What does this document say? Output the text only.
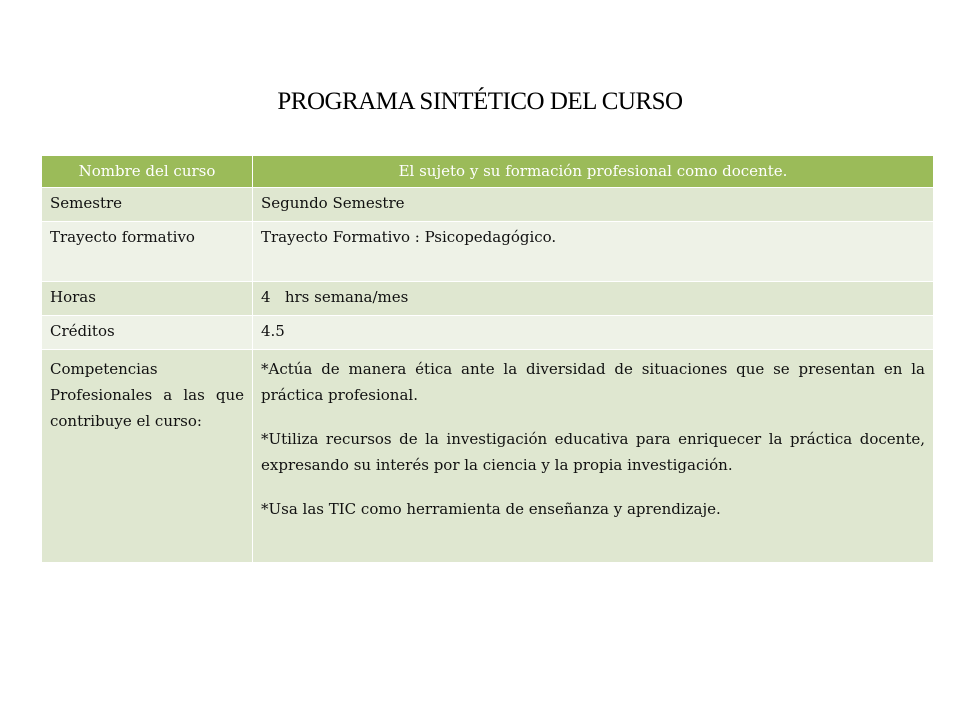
PROGRAMA SINTÉTICO DEL CURSO
Nombre del curso	El sujeto y su formación profesional como docente.
Semestre	Segundo Semestre
Trayecto formativo	Trayecto Formativo : Psicopedagógico.
Horas	4   hrs semana/mes
Créditos	4.5
Competencias Profesionales a las que contribuye el curso:	*Actúa de manera ética ante la diversidad de situaciones que se presentan en la práctica profesional.

*Utiliza recursos de la investigación educativa para enriquecer la práctica docente, expresando su interés por la ciencia y la propia investigación.

*Usa las TIC como herramienta de enseñanza y aprendizaje.
